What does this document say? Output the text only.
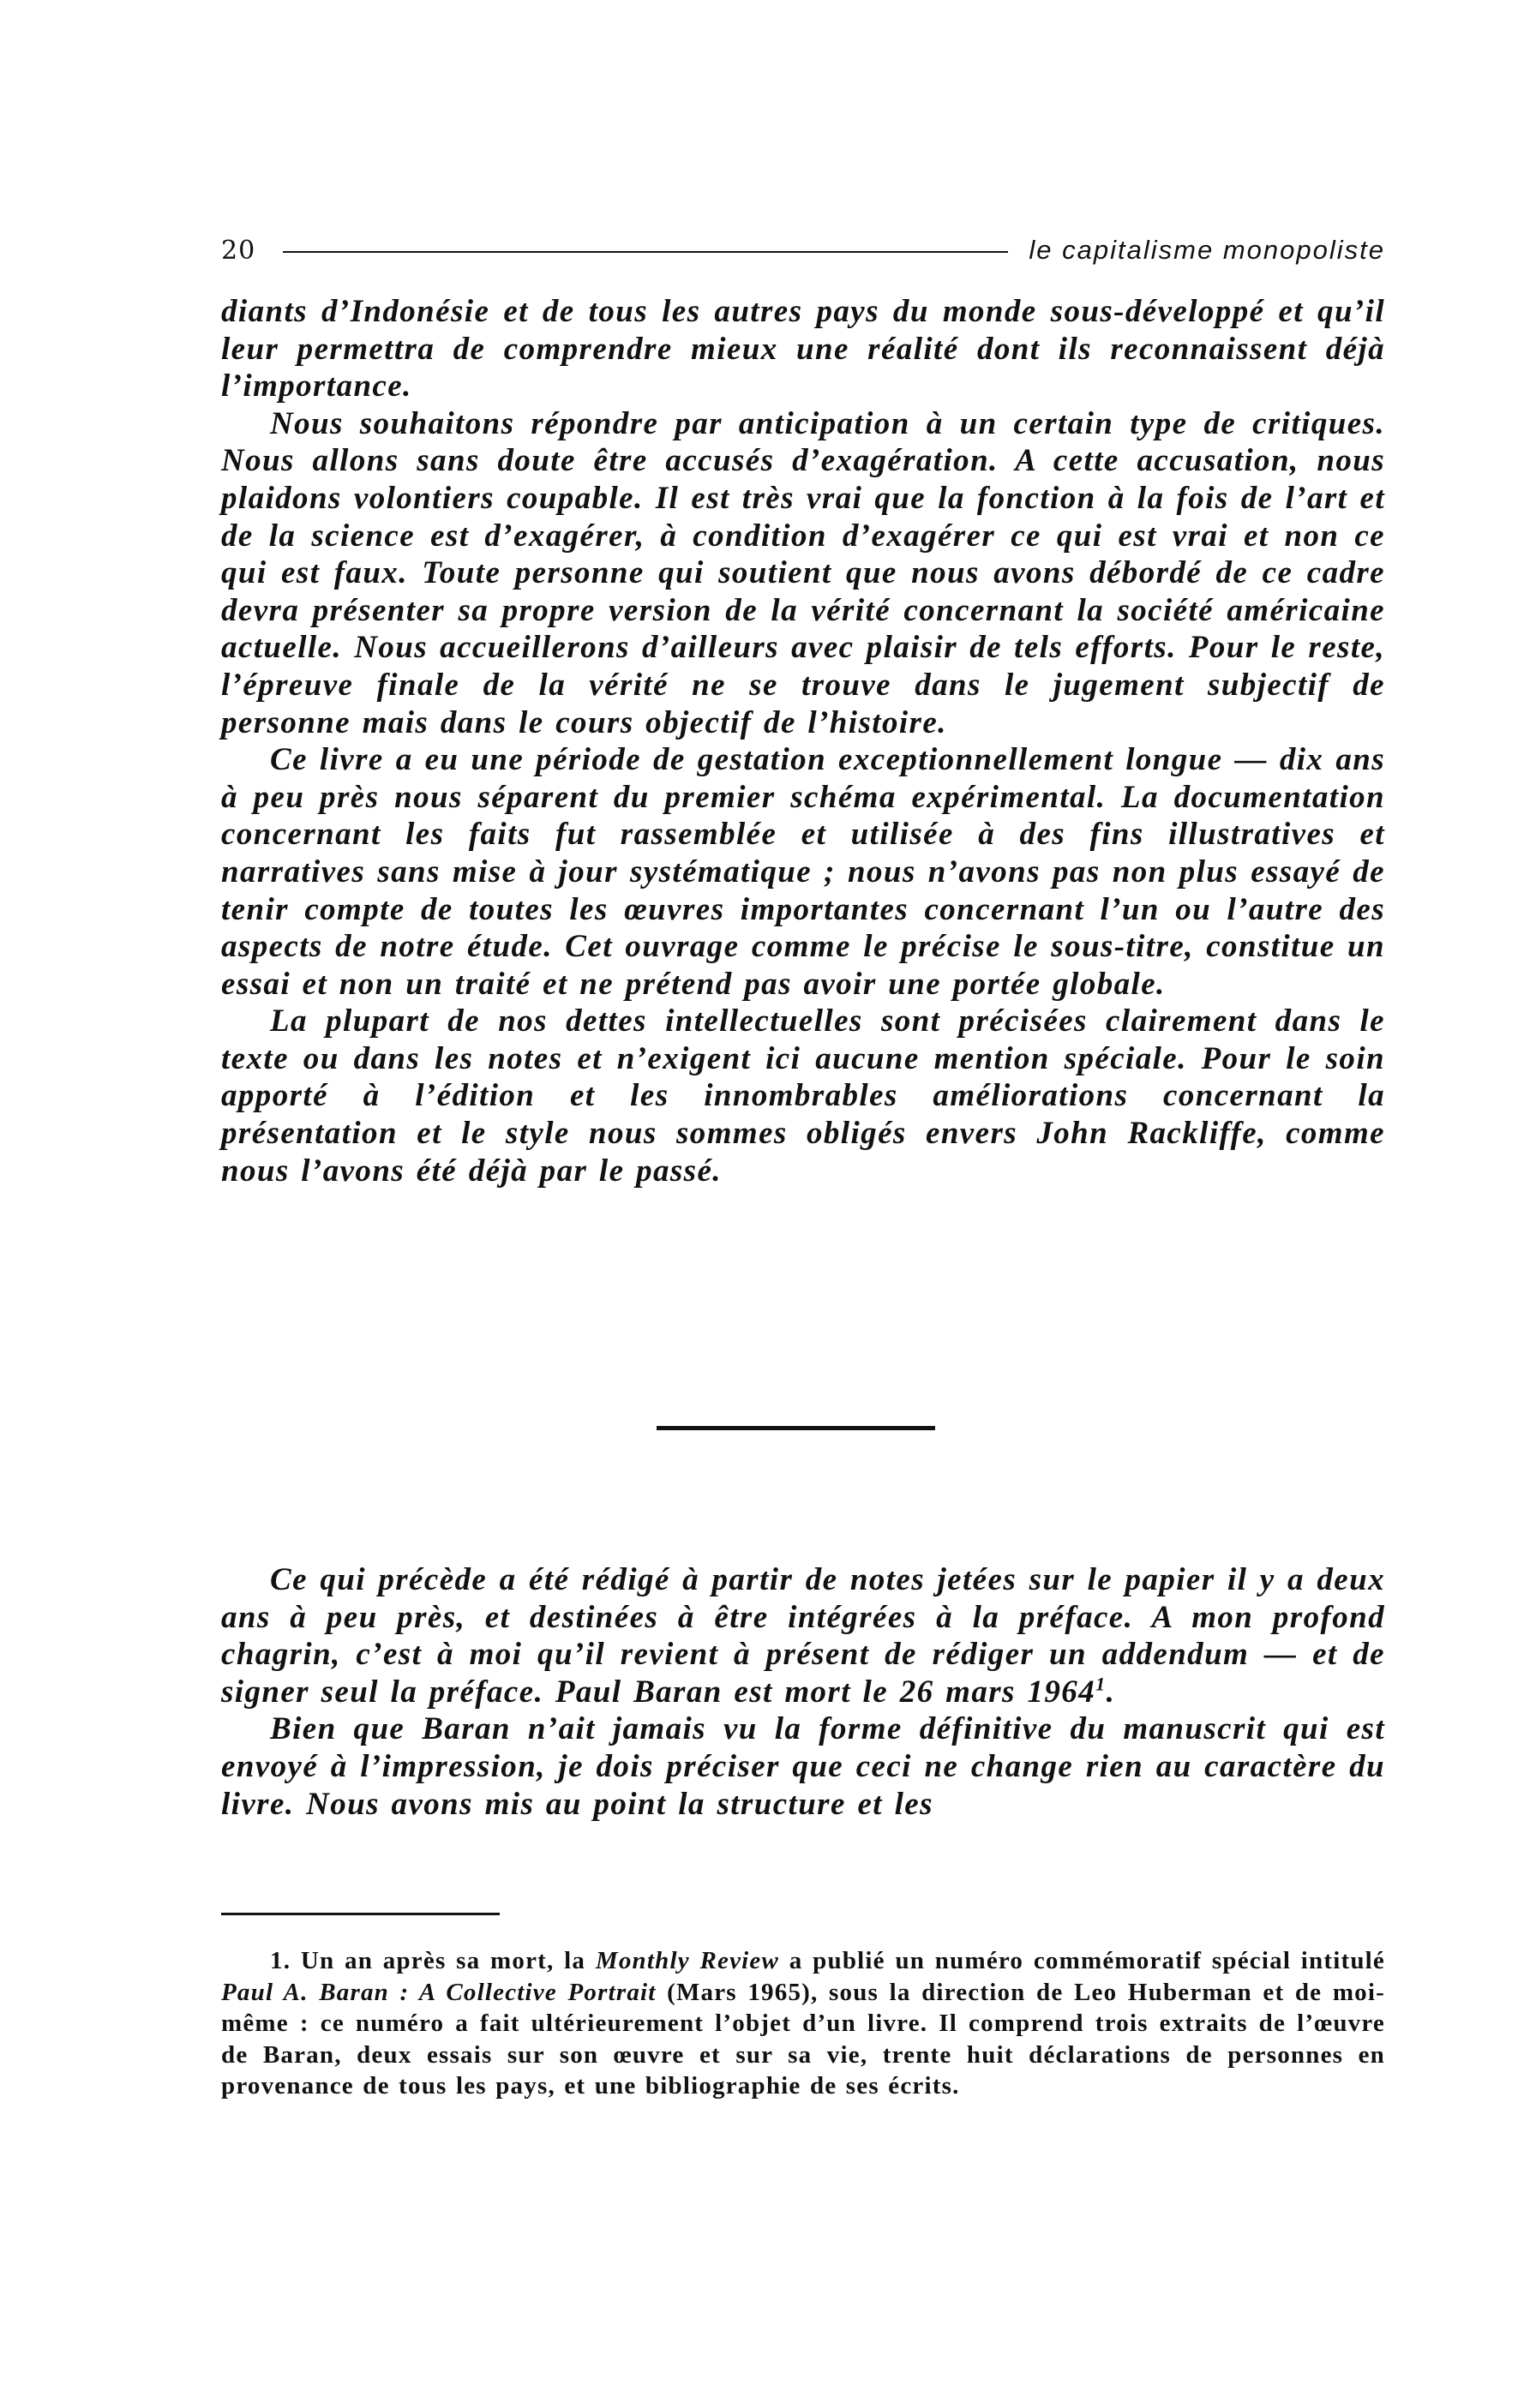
20	le capitalisme monopoliste

diants d’Indonésie et de tous les autres pays du monde sous-développé et qu’il leur permettra de comprendre mieux une réalité dont ils reconnaissent déjà l’importance.

Nous souhaitons répondre par anticipation à un certain type de critiques. Nous allons sans doute être accusés d’exagération. A cette accusation, nous plaidons volontiers coupable. Il est très vrai que la fonction à la fois de l’art et de la science est d’exagérer, à condition d’exagérer ce qui est vrai et non ce qui est faux. Toute personne qui soutient que nous avons débordé de ce cadre devra présenter sa propre version de la vérité concernant la société américaine actuelle. Nous accueillerons d’ailleurs avec plaisir de tels efforts. Pour le reste, l’épreuve finale de la vérité ne se trouve dans le jugement subjectif de personne mais dans le cours objectif de l’histoire.

Ce livre a eu une période de gestation exceptionnellement longue — dix ans à peu près nous séparent du premier schéma expérimental. La documentation concernant les faits fut rassemblée et utilisée à des fins illustratives et narratives sans mise à jour systématique ; nous n’avons pas non plus essayé de tenir compte de toutes les œuvres importantes concernant l’un ou l’autre des aspects de notre étude. Cet ouvrage comme le précise le sous-titre, constitue un essai et non un traité et ne prétend pas avoir une portée globale.

La plupart de nos dettes intellectuelles sont précisées clairement dans le texte ou dans les notes et n’exigent ici aucune mention spéciale. Pour le soin apporté à l’édition et les innombrables améliorations concernant la présentation et le style nous sommes obligés envers John Rackliffe, comme nous l’avons été déjà par le passé.

Ce qui précède a été rédigé à partir de notes jetées sur le papier il y a deux ans à peu près, et destinées à être intégrées à la préface. A mon profond chagrin, c’est à moi qu’il revient à présent de rédiger un addendum — et de signer seul la préface. Paul Baran est mort le 26 mars 1964$^1$.

Bien que Baran n’ait jamais vu la forme définitive du manuscrit qui est envoyé à l’impression, je dois préciser que ceci ne change rien au caractère du livre. Nous avons mis au point la structure et les

1. Un an après sa mort, la Monthly Review a publié un numéro commémoratif spécial intitulé Paul A. Baran : A Collective Portrait (Mars 1965), sous la direction de Leo Huberman et de moi-même : ce numéro a fait ultérieurement l’objet d’un livre. Il comprend trois extraits de l’œuvre de Baran, deux essais sur son œuvre et sur sa vie, trente huit déclarations de personnes en provenance de tous les pays, et une bibliographie de ses écrits.
